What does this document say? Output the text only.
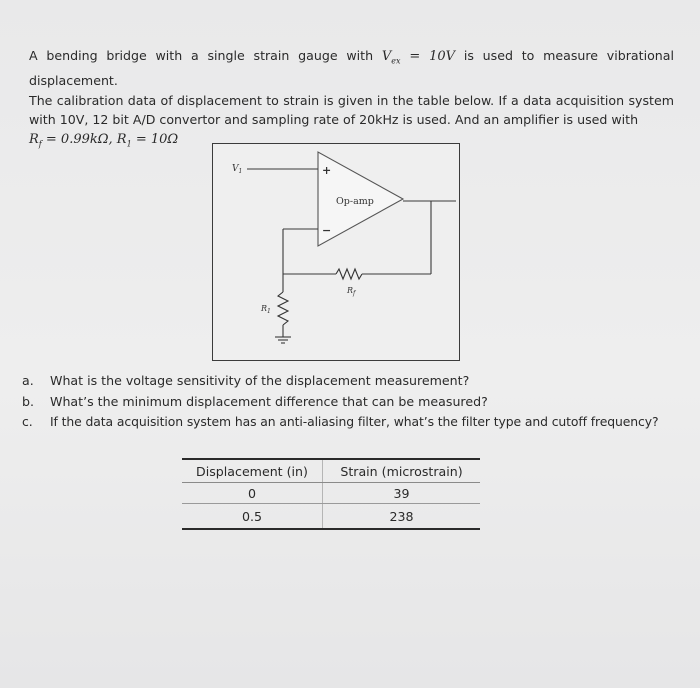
A bending bridge with a single strain gauge with $V_{ex} = 10V$ is used to measure vibrational displacement.
The calibration data of displacement to strain is given in the table below. If a data acquisition system with 10V, 12 bit A/D convertor and sampling rate of 20kHz is used. And an amplifier is used with
$R_f = 0.99k\Omega$, $R_1 = 10\Omega$
$V_1$	+
−
Op-amp
$R_f$
$R_1$
a. What is the voltage sensitivity of the displacement measurement?
b. What’s the minimum displacement difference that can be measured?
c. If the data acquisition system has an anti-aliasing filter, what’s the filter type and cutoff frequency?
Displacement (in)	Strain (microstrain)
0	39
0.5	238
